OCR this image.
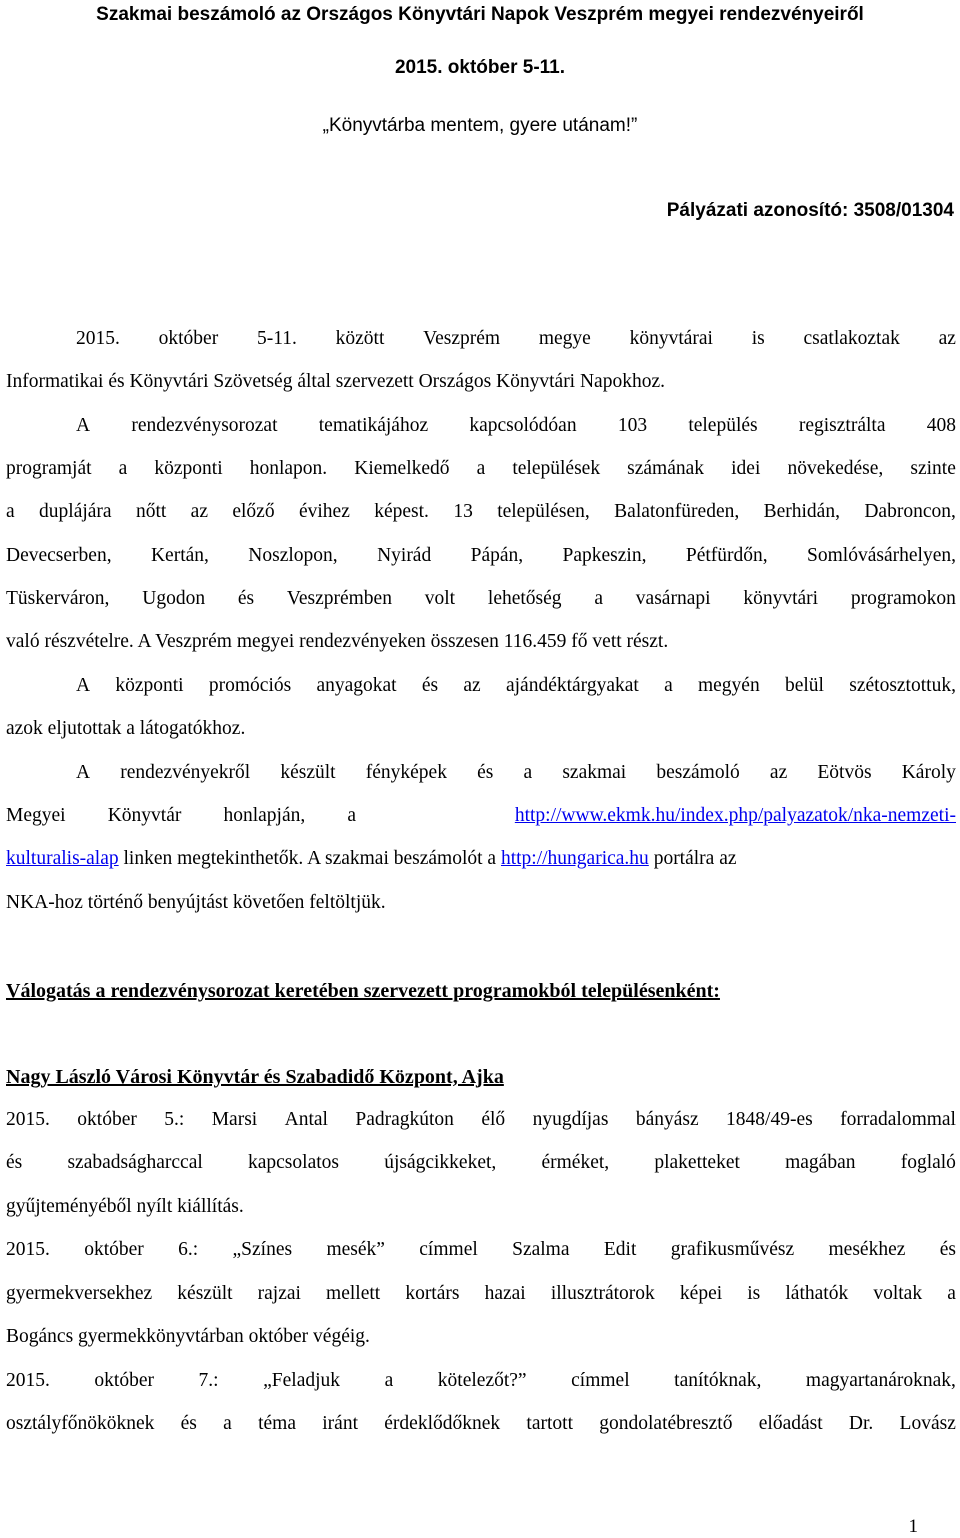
Szakmai beszámoló az Országos Könyvtári Napok Veszprém megyei rendezvényeiről
2015. október 5-11.
„Könyvtárba mentem, gyere utánam!”
Pályázati azonosító: 3508/01304
2015. október 5-11. között Veszprém megye könyvtárai is csatlakoztak az
Informatikai és Könyvtári Szövetség által szervezett Országos Könyvtári Napokhoz.
A rendezvénysorozat tematikájához kapcsolódóan 103 település regisztrálta 408
programját a központi honlapon. Kiemelkedő a települések számának idei növekedése, szinte
a duplájára nőtt az előző évihez képest. 13 településen, Balatonfüreden, Berhidán, Dabroncon,
Devecserben, Kertán, Noszlopon, Nyirád Pápán, Papkeszin, Pétfürdőn, Somlóvásárhelyen,
Tüskerváron, Ugodon és Veszprémben volt lehetőség a vasárnapi könyvtári programokon
való részvételre. A Veszprém megyei rendezvényeken összesen 116.459 fő vett részt.
A központi promóciós anyagokat és az ajándéktárgyakat a megyén belül szétosztottuk,
azok eljutottak a látogatókhoz.
A rendezvényekről készült fényképek és a szakmai beszámoló az Eötvös Károly
Megyei Könyvtár honlapján, a	http://www.ekmk.hu/index.php/palyazatok/nka-nemzeti-
kulturalis-alap linken megtekinthetők. A szakmai beszámolót a http://hungarica.hu portálra az
NKA-hoz történő benyújtást követően feltöltjük.
Válogatás a rendezvénysorozat keretében szervezett programokból településenként:
Nagy László Városi Könyvtár és Szabadidő Központ, Ajka
2015. október 5.: Marsi Antal Padragkúton élő nyugdíjas bányász 1848/49-es forradalommal
és szabadságharccal kapcsolatos újságcikkeket, érméket, plaketteket magában foglaló
gyűjteményéből nyílt kiállítás.
2015. október 6.: „Színes mesék” címmel Szalma Edit grafikusművész mesékhez és
gyermekversekhez készült rajzai mellett kortárs hazai illusztrátorok képei is láthatók voltak a
Bogáncs gyermekkönyvtárban október végéig.
2015. október 7.: „Feladjuk a kötelezőt?” címmel tanítóknak, magyartanároknak,
osztályfőnököknek és a téma iránt érdeklődőknek tartott gondolatébresztő előadást Dr. Lovász
1
